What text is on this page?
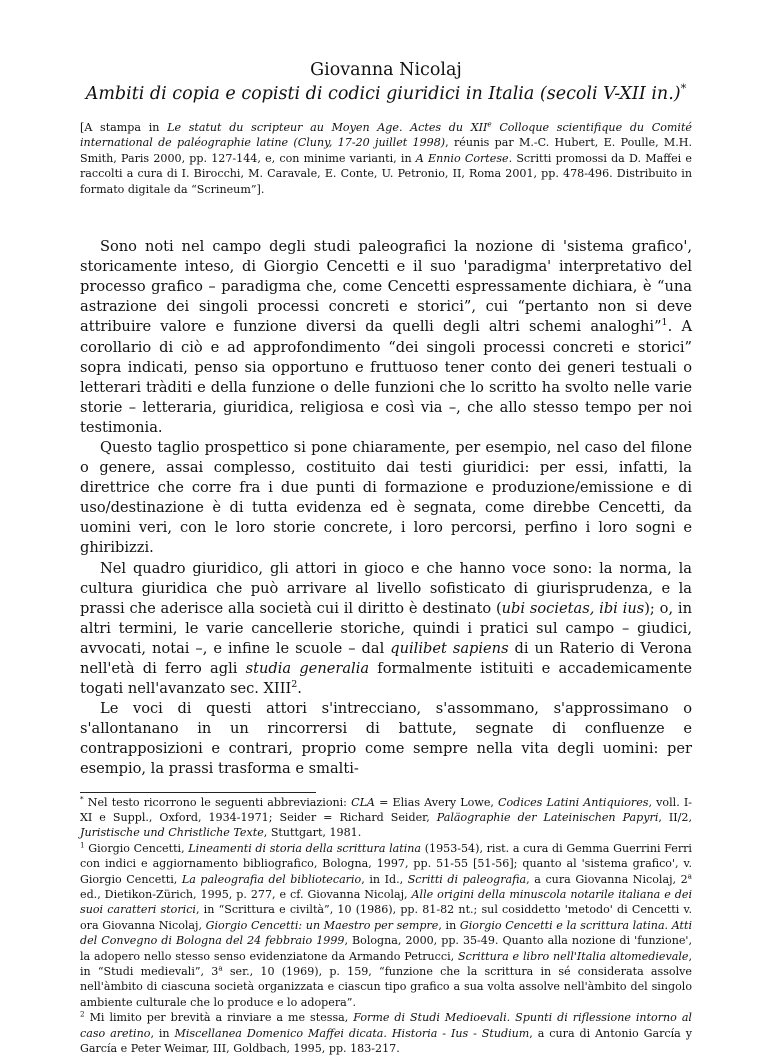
Giovanna Nicolaj
Ambiti di copia e copisti di codici giuridici in Italia (secoli V-XII in.)*
[A stampa in Le statut du scripteur au Moyen Age. Actes du XIIe Colloque scientifique du Comité international de paléographie latine (Cluny, 17-20 juillet 1998), réunis par M.-C. Hubert, E. Poulle, M.H. Smith, Paris 2000, pp. 127-144, e, con minime varianti, in A Ennio Cortese. Scritti promossi da D. Maffei e raccolti a cura di I. Birocchi, M. Caravale, E. Conte, U. Petronio, II, Roma 2001, pp. 478-496. Distribuito in formato digitale da “Scrineum”].

Sono noti nel campo degli studi paleografici la nozione di 'sistema grafico', storicamente inteso, di Giorgio Cencetti e il suo 'paradigma' interpretativo del processo grafico – paradigma che, come Cencetti espressamente dichiara, è “una astrazione dei singoli processi concreti e storici”, cui “pertanto non si deve attribuire valore e funzione diversi da quelli degli altri schemi analoghi”$^1$. A corollario di ciò e ad approfondimento “dei singoli processi concreti e storici” sopra indicati, penso sia opportuno e fruttuoso tener conto dei generi testuali o letterari tràditi e della funzione o delle funzioni che lo scritto ha svolto nelle varie storie – letteraria, giuridica, religiosa e così via –, che allo stesso tempo per noi testimonia.

Questo taglio prospettico si pone chiaramente, per esempio, nel caso del filone o genere, assai complesso, costituito dai testi giuridici: per essi, infatti, la direttrice che corre fra i due punti di formazione e produzione/emissione e di uso/destinazione è di tutta evidenza ed è segnata, come direbbe Cencetti, da uomini veri, con le loro storie concrete, i loro percorsi, perfino i loro sogni e ghiribizzi.

Nel quadro giuridico, gli attori in gioco e che hanno voce sono: la norma, la cultura giuridica che può arrivare al livello sofisticato di giurisprudenza, e la prassi che aderisce alla società cui il diritto è destinato (ubi societas, ibi ius); o, in altri termini, le varie cancellerie storiche, quindi i pratici sul campo – giudici, avvocati, notai –, e infine le scuole – dal quilibet sapiens di un Raterio di Verona nell'età di ferro agli studia generalia formalmente istituiti e accademicamente togati nell'avanzato sec. XIII$^2$.

Le voci di questi attori s'intrecciano, s'assommano, s'approssimano o s'allontanano in un rincorrersi di battute, segnate di confluenze e contrapposizioni e contrari, proprio come sempre nella vita degli uomini: per esempio, la prassi trasforma e smalti-

* Nel testo ricorrono le seguenti abbreviazioni: CLA = Elias Avery Lowe, Codices Latini Antiquiores, voll. I-XI e Suppl., Oxford, 1934-1971; Seider = Richard Seider, Paläographie der Lateinischen Papyri, II/2, Juristische und Christliche Texte, Stuttgart, 1981.
$^1$ Giorgio Cencetti, Lineamenti di storia della scrittura latina (1953-54), rist. a cura di Gemma Guerrini Ferri con indici e aggiornamento bibliografico, Bologna, 1997, pp. 51-55 [51-56]; quanto al 'sistema grafico', v. Giorgio Cencetti, La paleografia del bibliotecario, in Id., Scritti di paleografia, a cura Giovanna Nicolaj, 2$^a$ ed., Dietikon-Zürich, 1995, p. 277, e cf. Giovanna Nicolaj, Alle origini della minuscola notarile italiana e dei suoi caratteri storici, in “Scrittura e civiltà”, 10 (1986), pp. 81-82 nt.; sul cosiddetto 'metodo' di Cencetti v. ora Giovanna Nicolaj, Giorgio Cencetti: un Maestro per sempre, in Giorgio Cencetti e la scrittura latina. Atti del Convegno di Bologna del 24 febbraio 1999, Bologna, 2000, pp. 35-49. Quanto alla nozione di 'funzione', la adopero nello stesso senso evidenziatone da Armando Petrucci, Scrittura e libro nell'Italia altomedievale, in “Studi medievali”, 3$^a$ ser., 10 (1969), p. 159, “funzione che la scrittura in sé considerata assolve nell'àmbito di ciascuna società organizzata e ciascun tipo grafico a sua volta assolve nell'àmbito del singolo ambiente culturale che lo produce e lo adopera”.
$^2$ Mi limito per brevità a rinviare a me stessa, Forme di Studi Medioevali. Spunti di riflessione intorno al caso aretino, in Miscellanea Domenico Maffei dicata. Historia - Ius - Studium, a cura di Antonio García y García e Peter Weimar, III, Goldbach, 1995, pp. 183-217.
